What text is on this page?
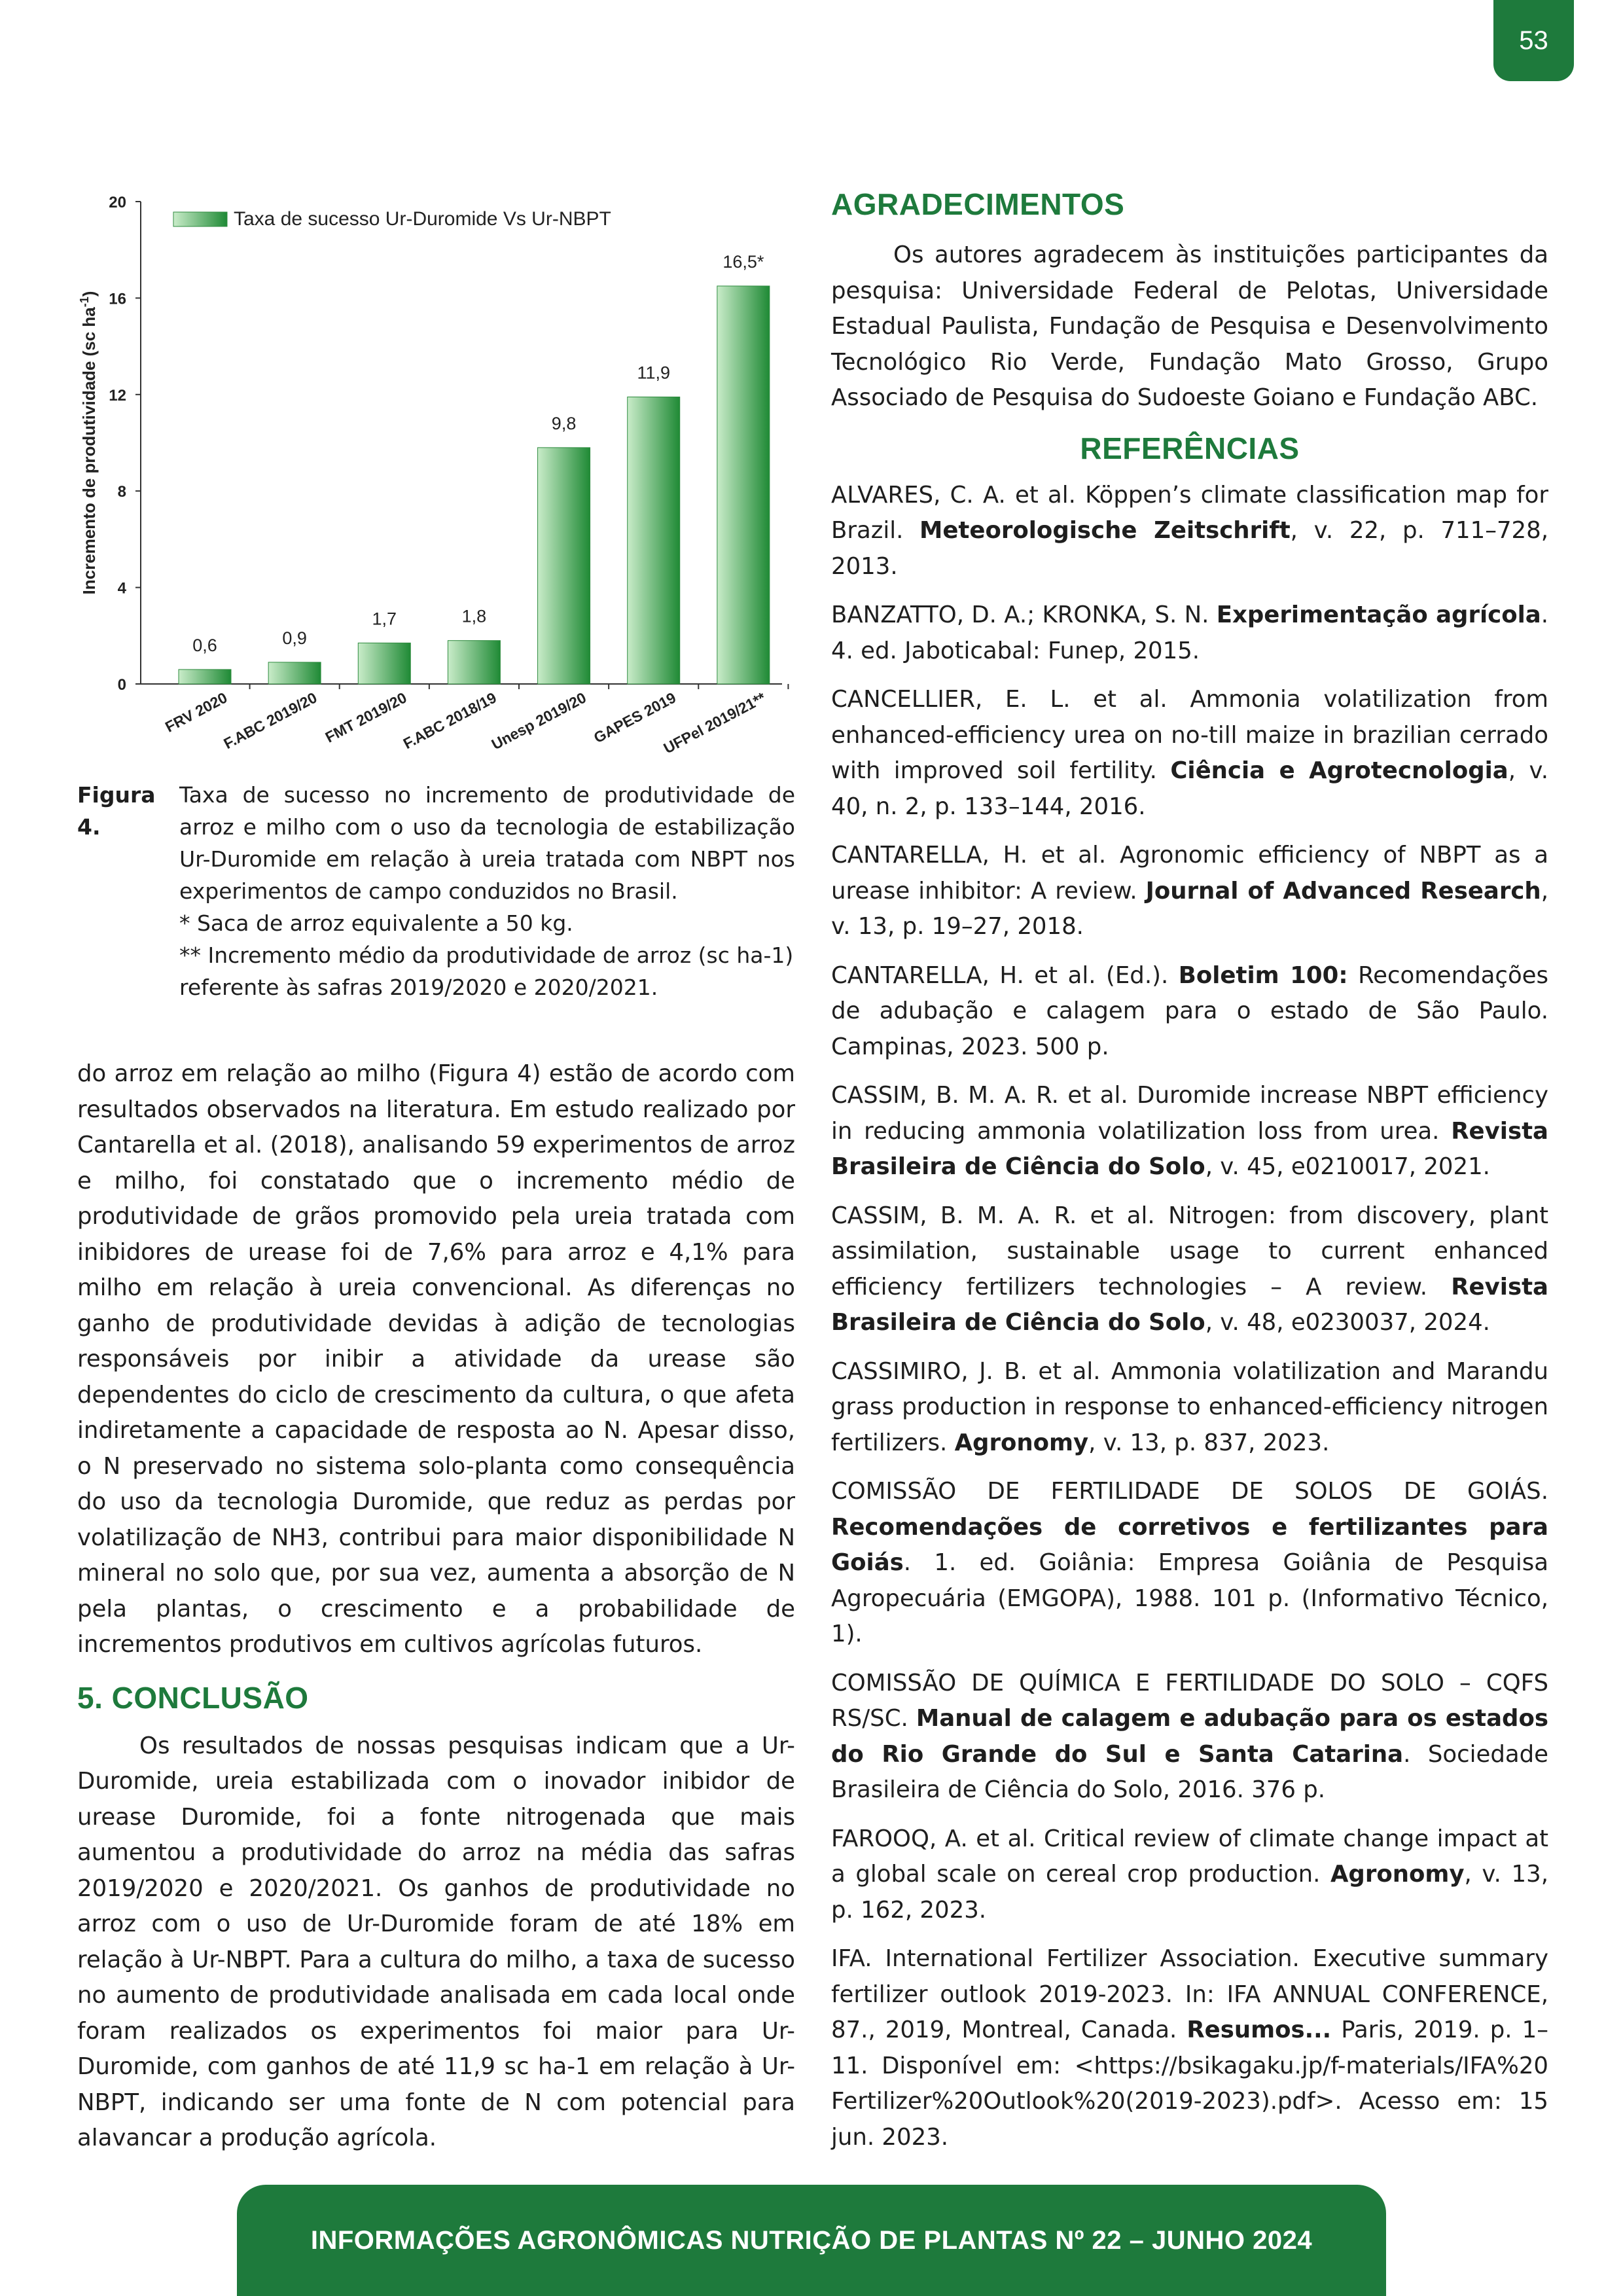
53
0
4
8
12
16
20
Incremento de produtividade (sc $ha^{-1}$)
Taxa de sucesso Ur-Duromide Vs Ur-NBPT
0,6
FRV 2020
0,9
F.ABC 2019/20
1,7
FMT 2019/20
1,8
F.ABC 2018/19
9,8
Unesp 2019/20
11,9
GAPES 2019
16,5*
UFPel 2019/21**
Figura 4.

Taxa de sucesso no incremento de produtividade de arroz e milho com o uso da tecnologia de estabilização Ur-Duromide em relação à ureia tratada com NBPT nos experimentos de campo conduzidos no Brasil.

* Saca de arroz equivalente a 50 kg.

** Incremento médio da produtividade de arroz (sc ha-1) referente às safras 2019/2020 e 2020/2021.

do arroz em relação ao milho (Figura 4) estão de acordo com resultados observados na literatura. Em estudo realizado por Cantarella et al. (2018), analisando 59 experimentos de arroz e milho, foi constatado que o incremento médio de produtividade de grãos promovido pela ureia tratada com inibidores de urease foi de 7,6% para arroz e 4,1% para milho em relação à ureia convencional. As diferenças no ganho de produtividade devidas à adição de tecnologias responsáveis por inibir a atividade da urease são dependentes do ciclo de crescimento da cultura, o que afeta indiretamente a capacidade de resposta ao N. Apesar disso, o N preservado no sistema solo-planta como consequência do uso da tecnologia Duromide, que reduz as perdas por volatilização de NH3, contribui para maior disponibilidade N mineral no solo que, por sua vez, aumenta a absorção de N pela plantas, o crescimento e a probabilidade de incrementos produtivos em cultivos agrícolas futuros.

5. CONCLUSÃO

Os resultados de nossas pesquisas indicam que a Ur-Duromide, ureia estabilizada com o inovador inibidor de urease Duromide, foi a fonte nitrogenada que mais aumentou a produtividade do arroz na média das safras 2019/2020 e 2020/2021. Os ganhos de produtividade no arroz com o uso de Ur-Duromide foram de até 18% em relação à Ur-NBPT. Para a cultura do milho, a taxa de sucesso no aumento de produtividade analisada em cada local onde foram realizados os experimentos foi maior para Ur-Duromide, com ganhos de até 11,9 sc ha-1 em relação à Ur-NBPT, indicando ser uma fonte de N com potencial para alavancar a produção agrícola.

AGRADECIMENTOS

Os autores agradecem às instituições participantes da pesquisa: Universidade Federal de Pelotas, Universidade Estadual Paulista, Fundação de Pesquisa e Desenvolvimento Tecnológico Rio Verde, Fundação Mato Grosso, Grupo Associado de Pesquisa do Sudoeste Goiano e Fundação ABC.

REFERÊNCIAS

ALVARES, C. A. et al. Köppen’s climate classification map for Brazil. Meteorologische Zeitschrift, v. 22, p. 711–728, 2013.

BANZATTO, D. A.; KRONKA, S. N. Experimentação agrícola. 4. ed. Jaboticabal: Funep, 2015.

CANCELLIER, E. L. et al. Ammonia volatilization from enhanced-efficiency urea on no-till maize in brazilian cerrado with improved soil fertility. Ciência e Agrotecnologia, v. 40, n. 2, p. 133–144, 2016.

CANTARELLA, H. et al. Agronomic efficiency of NBPT as a urease inhibitor: A review. Journal of Advanced Research, v. 13, p. 19–27, 2018.

CANTARELLA, H. et al. (Ed.). Boletim 100: Recomendações de adubação e calagem para o estado de São Paulo. Campinas, 2023. 500 p.

CASSIM, B. M. A. R. et al. Duromide increase NBPT efficiency in reducing ammonia volatilization loss from urea. Revista Brasileira de Ciência do Solo, v. 45, e0210017, 2021.

CASSIM, B. M. A. R. et al. Nitrogen: from discovery, plant assimilation, sustainable usage to current enhanced efficiency fertilizers technologies – A review. Revista Brasileira de Ciência do Solo, v. 48, e0230037, 2024.

CASSIMIRO, J. B. et al. Ammonia volatilization and Marandu grass production in response to enhanced-efficiency nitrogen fertilizers. Agronomy, v. 13, p. 837, 2023.

COMISSÃO DE FERTILIDADE DE SOLOS DE GOIÁS. Recomendações de corretivos e fertilizantes para Goiás. 1. ed. Goiânia: Empresa Goiânia de Pesquisa Agropecuária (EMGOPA), 1988. 101 p. (Informativo Técnico, 1).

COMISSÃO DE QUÍMICA E FERTILIDADE DO SOLO – CQFS RS/SC. Manual de calagem e adubação para os estados do Rio Grande do Sul e Santa Catarina. Sociedade Brasileira de Ciência do Solo, 2016. 376 p.

FAROOQ, A. et al. Critical review of climate change impact at a global scale on cereal crop production. Agronomy, v. 13, p. 162, 2023.

IFA. International Fertilizer Association. Executive summary fertilizer outlook 2019-2023. In: IFA ANNUAL CONFERENCE, 87., 2019, Montreal, Canada. Resumos... Paris, 2019. p. 1–11. Disponível em: <https://bsikagaku.jp/f-materials/IFA%20 Fertilizer%20Outlook%20(2019-2023).pdf>. Acesso em: 15 jun. 2023.

INFORMAÇÕES AGRONÔMICAS NUTRIÇÃO DE PLANTAS Nº 22 – JUNHO 2024
